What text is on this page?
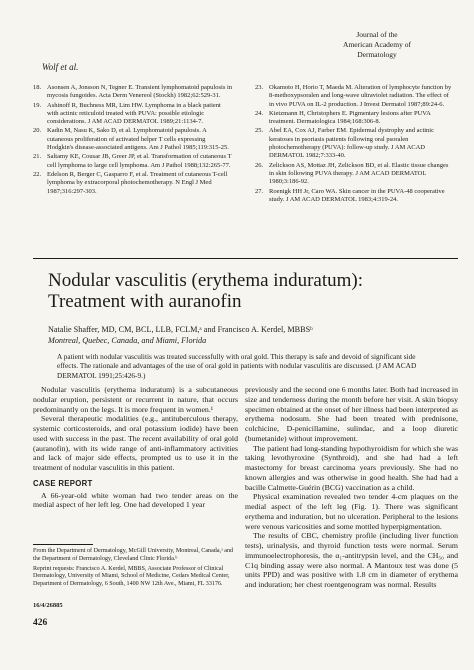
Wolf et al.
Journal of the
American Academy of
Dermatology
18. Asonsen A, Jonsson N, Tegner E. Transient lymphomatoid papulosis in mycosis fungoides. Acta Derm Venereol (Stockh) 1982;62:529-31.
19. Ashinoff R, Buchness MR, Lim HW. Lymphoma in a black patient with actinic reticuloid treated with PUVA: possible etiologic considerations. J AM ACAD DERMATOL 1989;21:1134-7.
20. Kadin M, Nasu K, Sako D, et al. Lymphomatoid papulosis. A cutaneous proliferation of activated helper T cells expressing Hodgkin's disease-associated antigens. Am J Pathol 1985;119:315-25.
21. Saltamy KE, Cousar JB, Greer JP, et al. Transformation of cutaneous T cell lymphoma to large cell lymphoma. Am J Pathol 1988;132:265-77.
22. Edelson R, Berger C, Gasparro F, et al. Treatment of cutaneous T-cell lymphoma by extracorporal photochemotherapy. N Engl J Med 1987;316:297-303.
23. Okamoto H, Horio T, Maeda M. Alteration of lymphocyte function by 8-methoxypsoralen and long-wave ultraviolet radiation. The effect of in vivo PUVA on IL-2 production. J Invest Dermatol 1987;89:24-6.
24. Kietzmann H, Christophers E. Pigmentary lesions after PUVA treatment. Dermatologica 1984;168:306-8.
25. Abel EA, Cox AJ, Farber EM. Epidermal dystrophy and actinic keratoses in psoriasis patients following oral psoralen photochemotherapy (PUVA): follow-up study. J AM ACAD DERMATOL 1982;7:333-40.
26. Zelickson AS, Mottaz JH, Zelickson BD, et al. Elastic tissue changes in skin following PUVA therapy. J AM ACAD DERMATOL 1980;3:186-92.
27. Roenigk HH Jr, Caro WA. Skin cancer in the PUVA-48 cooperative study. J AM ACAD DERMATOL 1983;4:319-24.
Nodular vasculitis (erythema induratum):
Treatment with auranofin
Natalie Shaffer, MD, CM, BCL, LLB, FCLM,ᵃ and Francisco A. Kerdel, MBBSᵇ
Montreal, Quebec, Canada, and Miami, Florida
A patient with nodular vasculitis was treated successfully with oral gold. This therapy is safe and devoid of significant side effects. The rationale and advantages of the use of oral gold in patients with nodular vasculitis are discussed. (J AM ACAD DERMATOL 1991;25:426-9.)

Nodular vasculitis (erythema induratum) is a subcutaneous nodular eruption, persistent or recurrent in nature, that occurs predominantly on the legs. It is more frequent in women.¹

Several therapeutic modalities (e.g., antituberculous therapy, systemic corticosteroids, and oral potassium iodide) have been used with success in the past. The recent availability of oral gold (auranofin), with its wide range of anti-inflammatory activities and lack of major side effects, prompted us to use it in the treatment of nodular vasculitis in this patient.

CASE REPORT

A 66-year-old white woman had two tender areas on the medial aspect of her left leg. One had developed 1 year

From the Department of Dermatology, McGill University, Montreal, Canada,ᵃ and the Department of Dermatology, Cleveland Clinic Florida.ᵇ

Reprint requests: Francisco A. Kerdel, MBBS, Associate Professor of Clinical Dermatology, University of Miami, School of Medicine, Cedars Medical Center, Department of Dermatology, 6 South, 1400 NW 12th Ave., Miami, FL 33176.

16/4/26885
426

previously and the second one 6 months later. Both had increased in size and tenderness during the month before her visit. A skin biopsy specimen obtained at the onset of her illness had been interpreted as erythema nodosum. She had been treated with prednisone, colchicine, D-penicillamine, sulindac, and a loop diuretic (bumetanide) without improvement.

The patient had long-standing hypothyroidism for which she was taking levothyroxine (Synthroid), and she had had a left mastectomy for breast carcinoma years previously. She had no known allergies and was otherwise in good health. She had had a bacille Calmette-Guérin (BCG) vaccination as a child.

Physical examination revealed two tender 4-cm plaques on the medial aspect of the left leg (Fig. 1). There was significant erythema and induration, but no ulceration. Peripheral to the lesions were venous varicosities and some mottled hyperpigmentation.

The results of CBC, chemistry profile (including liver function tests), urinalysis, and thyroid function tests were normal. Serum immunoelectrophoresis, the α₁-antitrypsin level, and the CH₅₀ and C1q binding assay were also normal. A Mantoux test was done (5 units PPD) and was positive with 1.8 cm in diameter of erythema and induration; her chest roentgenogram was normal. Results
